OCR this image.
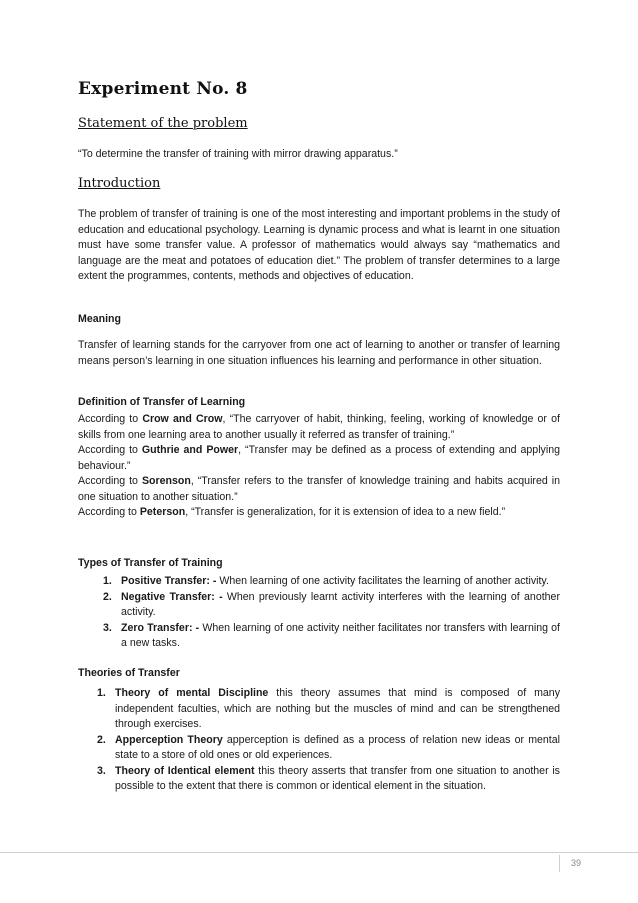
Experiment No. 8
Statement of the problem

“To determine the transfer of training with mirror drawing apparatus.”

Introduction

The problem of transfer of training is one of the most interesting and important problems in the study of education and educational psychology. Learning is dynamic process and what is learnt in one situation must have some transfer value. A professor of mathematics would always say “mathematics and language are the meat and potatoes of education diet.” The problem of transfer determines to a large extent the programmes, contents, methods and objectives of education.

Meaning

Transfer of learning stands for the carryover from one act of learning to another or transfer of learning means person’s learning in one situation influences his learning and performance in other situation.

Definition of Transfer of Learning

According to Crow and Crow, “The carryover of habit, thinking, feeling, working of knowledge or of skills from one learning area to another usually it referred as transfer of training.”

According to Guthrie and Power, “Transfer may be defined as a process of extending and applying behaviour.”

According to Sorenson, “Transfer refers to the transfer of knowledge training and habits acquired in one situation to another situation.”

According to Peterson, “Transfer is generalization, for it is extension of idea to a new field.”

Types of Transfer of Training

1. Positive Transfer: - When learning of one activity facilitates the learning of another activity.
2. Negative Transfer: - When previously learnt activity interferes with the learning of another activity.
3. Zero Transfer: - When learning of one activity neither facilitates nor transfers with learning of a new tasks.

Theories of Transfer

1. Theory of mental Discipline this theory assumes that mind is composed of many independent faculties, which are nothing but the muscles of mind and can be strengthened through exercises.
2. Apperception Theory apperception is defined as a process of relation new ideas or mental state to a store of old ones or old experiences.
3. Theory of Identical element this theory asserts that transfer from one situation to another is possible to the extent that there is common or identical element in the situation.
39
